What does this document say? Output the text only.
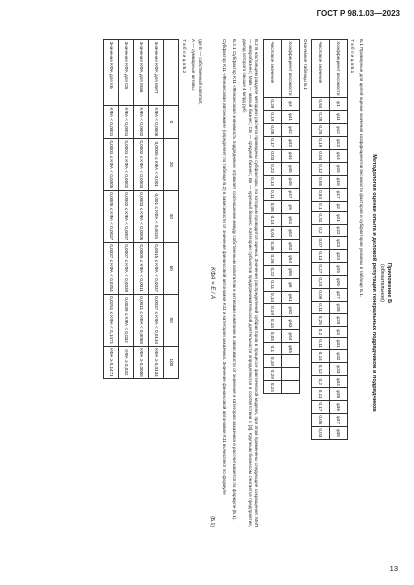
ГОСТ Р 98.1.03—2023
Приложение Б
(обязательное)
Методология оценки опыта и деловой репутации генеральных подрядчиков и подрядчиков
Б.1 Примерные для целей оценки значения коэффициентов весомости факторов и субфакторов указаны в таблице Б.1.
Т а б л и ц а Б.1
Коэффициент весомости	φ1	φ11	φ12	φ13	φ14	φ15	φ16	φ17	φ2	φ21	φ22	φ23	φ24	φ25	φ26	φ27	φ28	φ29	φ3	φ31	φ32	φ33	φ34	φ35	φ36	φ37	φ38
Числовое значение	0,64	0,28	0,25	0,19	0,04	0,12	0,55	0,84	0,1	0,31	0,2	0,07	0,13	0,27	0,24	0,09	0,11	0,25	0,2	0,11	0,14	0,12	0,2	0,11	0,17	0,06	0,03
Окончание таблицы Б.1
Коэффициент весомости	φ4	φ41	φ42	φ43	φ44	φ45	φ46	φ47	φ5	φ51	φ52	φ53	φ54	φ55	φ6	φ61	φ62	φ63	φ64	φ65			
Числовое значение	0,29	0,19	0,08	0,17	0,03	0,22	0,14	0,11	0,08	0,14	0,04	0,36	0,26	0,22	0,11	0,14	0,19	0,14	0,04	0,1	0,19	0,29	0,24
Б.2 В настоящем разделе методики расчета приведены субфакторы, по которым проводится оценка. Значения распределений субфакторов в процессе фактической модели, при этом применены следующие сокращения: МиП — микробизнес; МаБ — малый бизнес; СБ — средний бизнес; КБ — крупный бизнес. Категории субъектов предпринимательской деятельности определяются в соответствии с [3]. Крупным бизнесом считается предприятие, доход которого свыше 4 млрд руб.
Б.2.1 Субфактор K11 «Финансовая значимость подрядчика» отражает соотношение между собственным капиталом и активами компании в зависимости от значения и категории заказчика и рассчитывается по формуле (Б.1).
Субфактор K11 «Финансовая автономия» (определяет по таблице Б.2) в зависимости от значения финансовой автономии K11 и категории заказчика. Значение финансовой автономии K11 вычисляют по формуле
KФА = E / A
(Б.1)
где E — собственный капитал;
A — суммарные активы.
Т а б л и ц а Б.2
	0	20	40	60	80	100
Значение KФА для МиП	KФА < 0,0006	0,0006 ≤ KФА < 0,001	0,001 ≤ KФА < 0,0015	0,0015 ≤ KФА < 0,0037	0,0037 ≤ KФА < 0,0134	KФА ≥ 0,0134
Значение KФА для МаБ	KФА < 0,0002	0,0002 ≤ KФА < 0,0003	0,0003 ≤ KФА < 0,0005	0,0005 ≤ KФА < 0,0011	0,0011 ≤ KФА < 0,0068	KФА ≥ 0,0068
Значение KФА для СБ	KФА < 0,0001	0,0001 ≤ KФА < 0,0002	0,0002 ≤ KФА < 0,0007	0,0007 ≤ KФА < 0,0039	0,0039 ≤ KФА < 0,032	KФА ≥ 0,032
Значение KФА для КБ	KФА < 0,0001	0,0001 ≤ KФА < 0,0005	0,0005 ≤ KФА < 0,0037	0,0037 ≤ KФА < 0,0251	0,0251 ≤ KФА < 0,1471	KФА ≥ 0,1471
13
